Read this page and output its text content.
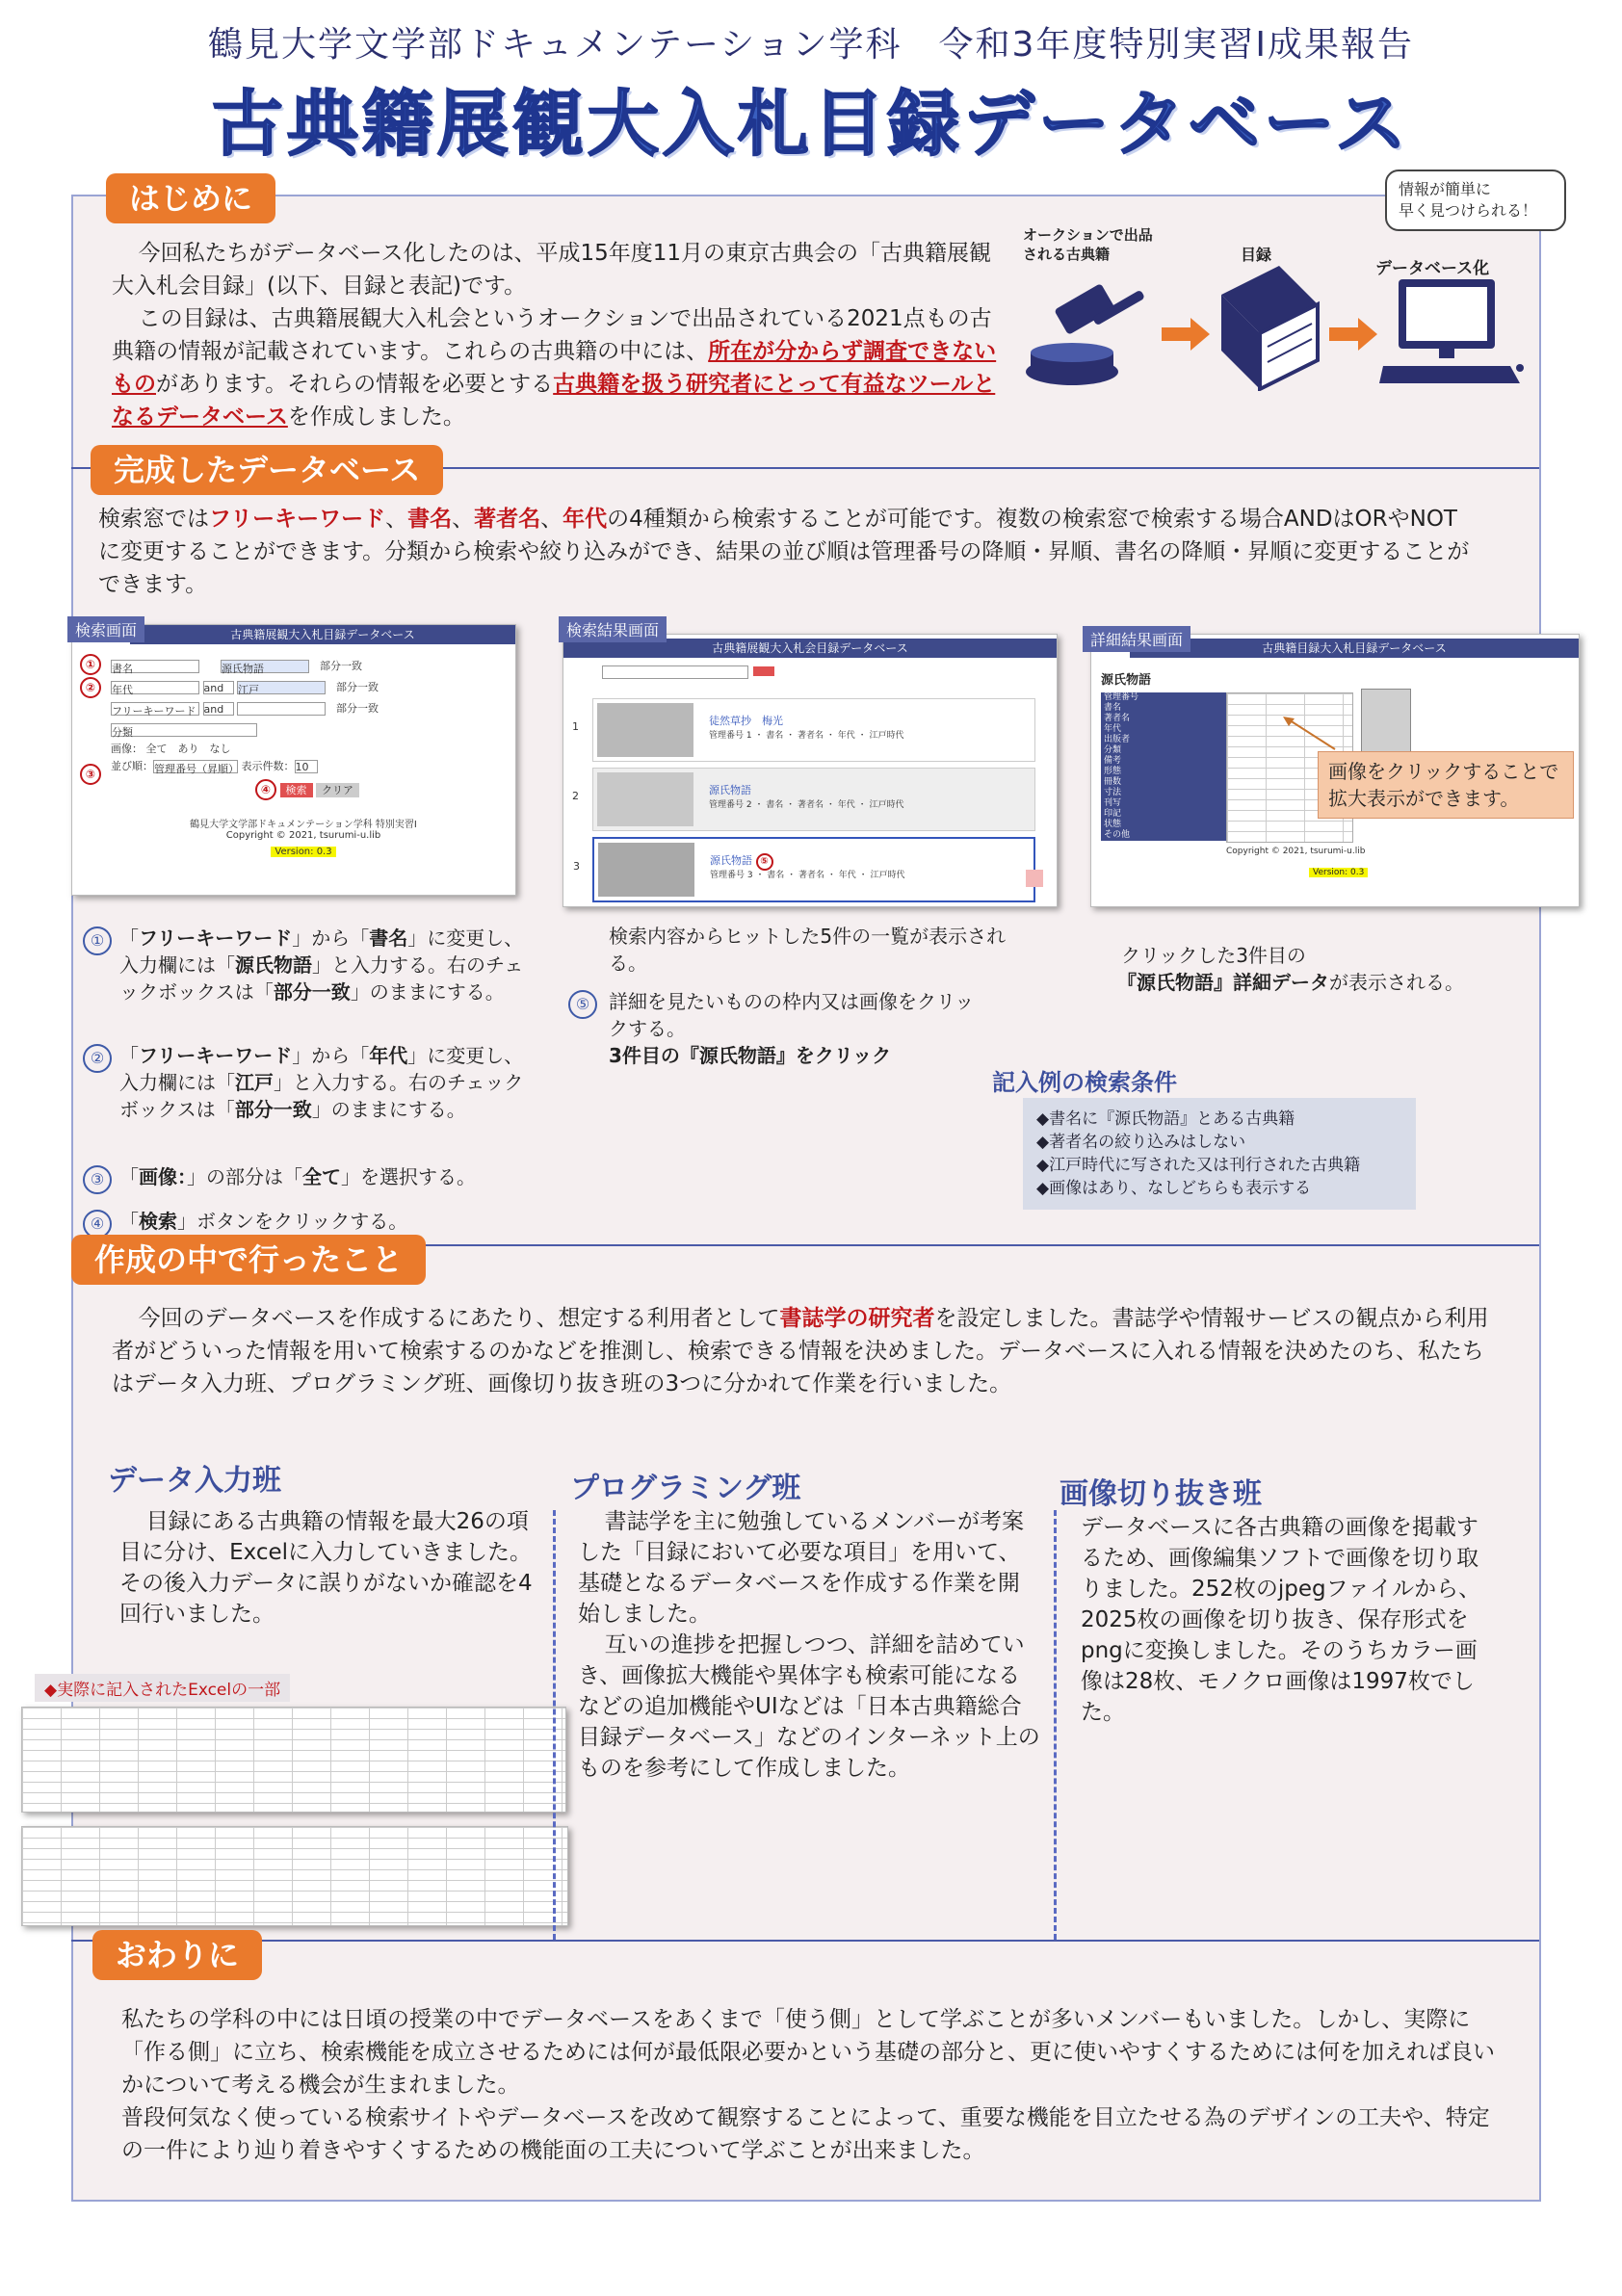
鶴見大学文学部ドキュメンテーション学科　令和3年度特別実習Ⅰ成果報告
古典籍展観大入札目録データベース
はじめに
今回私たちがデータベース化したのは、平成15年度11月の東京古典会の「古典籍展観大入札会目録」(以下、目録と表記)です。
この目録は、古典籍展観大入札会というオークションで出品されている2021点もの古典籍の情報が記載されています。これらの古典籍の中には、所在が分からず調査できないものがあります。それらの情報を必要とする古典籍を扱う研究者にとって有益なツールとなるデータベースを作成しました。
オークションで出品される古典籍	目録
データベース化
情報が簡単に
早く見つけられる！
完成したデータベース
検索窓ではフリーキーワード、書名、著者名、年代の4種類から検索することが可能です。複数の検索窓で検索する場合ANDはORやNOTに変更することができます。分類から検索や絞り込みができ、結果の並び順は管理番号の降順・昇順、書名の降順・昇順に変更することができます。
古典籍展観大入札目録データベース
①	書名　　	源氏物語　	部分一致
②	年代	and 江戸　	部分一致
フリーキーワード and 　	部分一致
分類
③
画像： 全て　あり　なし
並び順：管理番号（昇順） 表示件数：10
④ 検索 クリア
鶴見大学文学部ドキュメンテーション学科 特別実習Ⅰ
Copyright © 2021, tsurumi-u.lib
Version: 0.3
検索画面
古典籍展観大入札会目録データベース

1	徒然草抄　梅光
管理番号 1 ・ 書名 ・ 著者名 ・ 年代 ・ 江戸時代
2	源氏物語
管理番号 2 ・ 書名 ・ 著者名 ・ 年代 ・ 江戸時代
3	源氏物語 ⑤
管理番号 3 ・ 書名 ・ 著者名 ・ 年代 ・ 江戸時代
検索結果画面
古典籍目録大入札目録データベース
源氏物語
管理番号
書名
著者名
年代
出版者
分類
備考
形態
冊数
寸法
刊写
印記
状態
その他
Copyright © 2021, tsurumi-u.lib
Version: 0.3
詳細結果画面
画像をクリックすることで拡大表示ができます。
① 「フリーキーワード」から「書名」に変更し、入力欄には「源氏物語」と入力する。右のチェックボックスは「部分一致」のままにする。
② 「フリーキーワード」から「年代」に変更し、入力欄には「江戸」と入力する。右のチェックボックスは「部分一致」のままにする。
③ 「画像：」の部分は「全て」を選択する。
④ 「検索」ボタンをクリックする。
検索内容からヒットした5件の一覧が表示される。
⑤ 詳細を見たいものの枠内又は画像をクリックする。
3件目の『源氏物語』をクリック
クリックした3件目の
『源氏物語』詳細データが表示される。
記入例の検索条件
◆書名に『源氏物語』とある古典籍
◆著者名の絞り込みはしない
◆江戸時代に写された又は刊行された古典籍
◆画像はあり、なしどちらも表示する
作成の中で行ったこと
今回のデータベースを作成するにあたり、想定する利用者として書誌学の研究者を設定しました。書誌学や情報サービスの観点から利用者がどういった情報を用いて検索するのかなどを推測し、検索できる情報を決めました。データベースに入れる情報を決めたのち、私たちはデータ入力班、プログラミング班、画像切り抜き班の3つに分かれて作業を行いました。
データ入力班
目録にある古典籍の情報を最大26の項目に分け、Excelに入力していきました。その後入力データに誤りがないか確認を4回行いました。
◆実際に記入されたExcelの一部
プログラミング班
書誌学を主に勉強しているメンバーが考案した「目録において必要な項目」を用いて、基礎となるデータベースを作成する作業を開始しました。
互いの進捗を把握しつつ、詳細を詰めていき、画像拡大機能や異体字も検索可能になるなどの追加機能やUIなどは「日本古典籍総合目録データベース」などのインターネット上のものを参考にして作成しました。
画像切り抜き班
データベースに各古典籍の画像を掲載するため、画像編集ソフトで画像を切り取りました。252枚のjpegファイルから、2025枚の画像を切り抜き、保存形式をpngに変換しました。そのうちカラー画像は28枚、モノクロ画像は1997枚でした。
おわりに
私たちの学科の中には日頃の授業の中でデータベースをあくまで「使う側」として学ぶことが多いメンバーもいました。しかし、実際に「作る側」に立ち、検索機能を成立させるためには何が最低限必要かという基礎の部分と、更に使いやすくするためには何を加えれば良いかについて考える機会が生まれました。
普段何気なく使っている検索サイトやデータベースを改めて観察することによって、重要な機能を目立たせる為のデザインの工夫や、特定の一件により辿り着きやすくするための機能面の工夫について学ぶことが出来ました。
